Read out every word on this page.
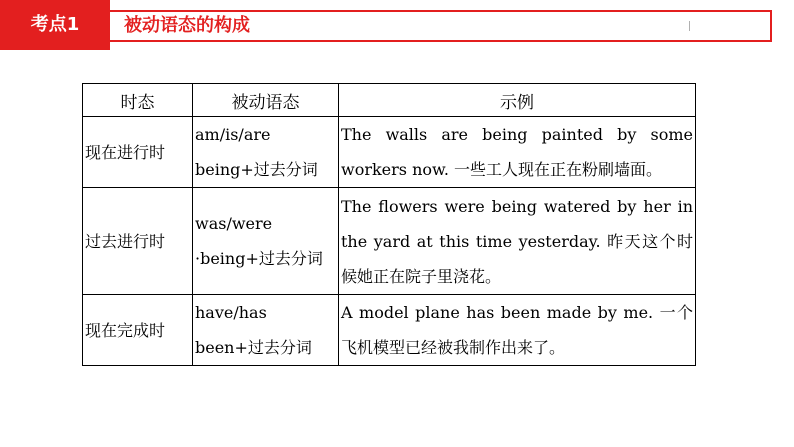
考点1	被动语态的构成
时态	被动语态	示例
现在进行时	am/is/are being+过去分词	The walls are being painted by some workers now. 一些工人现在正在粉刷墙面。
过去进行时	was/were ·being+过去分词	The flowers were being watered by her in the yard at this time yesterday. 昨天这个时候她正在院子里浇花。
现在完成时	have/has been+过去分词	A model plane has been made by me. 一个飞机模型已经被我制作出来了。
